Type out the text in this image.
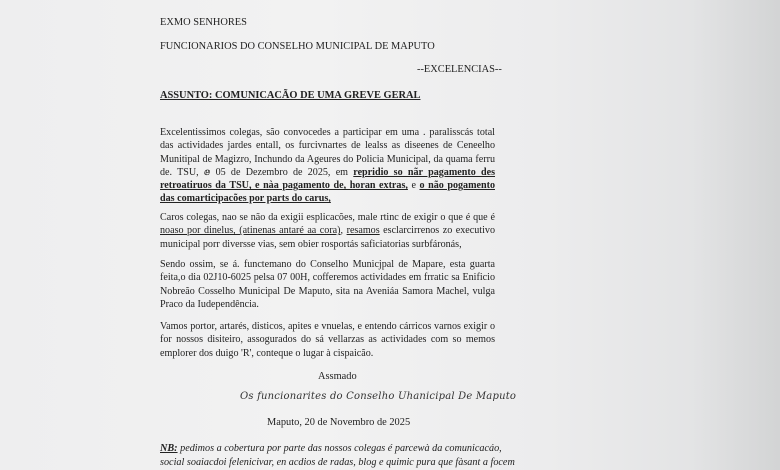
EXMO SENHORES
FUNCIONARIOS DO CONSELHO MUNICIPAL DE MAPUTO
--EXCELENCIAS--
ASSUNTO: COMUNICACÃO DE UMA GREVE GERAL
Excelentissimos colegas, são convocedes a participar em uma . paralisscás total das actividades jardes entall, os furcivnartes de lealss as diseenes de Ceneelho Munitipal de Magizro, Inchundo da Ageures do Policia Municipal, da quama ferru de. TSU, ⅇ 05 de Dezembro de 2025, em repridio so nãr pagamento des retroatiruos da TSU, e nàa pagamento de, horan extras, e o não pogamento das comarticipacões por parts do carus,
Caros colegas, nao se não da exigii esplicacões, male rtinc de exigir o que é que é noaso por dinelus, (atinenas antaré aa cora), resamos esclarcirrenos zo executivo municipal porr diversse vias, sem obier rosportás saficiatorias surbfáronás,
Sendo ossim, se á. functemano do Conselho Municjpal de Mapare, esta guarta feita,o dia 02J10-6025 pelsa 07 00H, cofferemos actividades em frratic sa Enificio Nobreão Cosselho Municipal De Maputo, sita na Aveniáa Samora Machel, vulga Praco da Iudependência.
Vamos portor, artarés, disticos, apites e vnuelas, e entendo cárricos varnos exigir o for nossos disiteiro, assogurados do sá vellarzas as actividades com so memos emplorer dos duigo 'R', conteque o lugar à cispaicão.
Assmado
Os funcionarites do Conselho Uhanicipal De Maputo
Maputo, 20 de Novembro de 2025
NB: pedimos a cobertura por parte das nossos colegas é parcewà da comunicacáo, social soaiacdoi felenicivar, en acdios de radas, blog e quimic pura que fàsant a focem
